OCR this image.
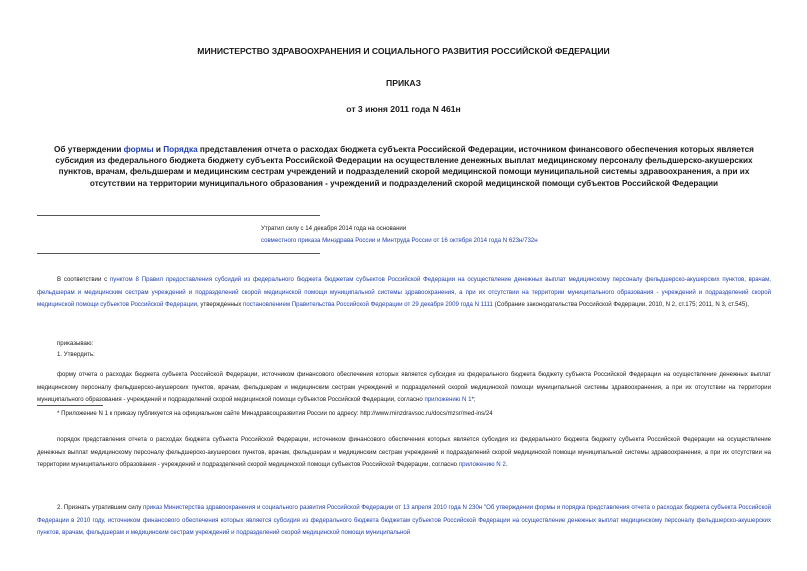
МИНИСТЕРСТВО ЗДРАВООХРАНЕНИЯ И СОЦИАЛЬНОГО РАЗВИТИЯ РОССИЙСКОЙ ФЕДЕРАЦИИ
ПРИКАЗ
от 3 июня 2011 года N 461н
Об утверждении формы и Порядка представления отчета о расходах бюджета субъекта Российской Федерации, источником финансового обеспечения которых является субсидия из федерального бюджета бюджету субъекта Российской Федерации на осуществление денежных выплат медицинскому персоналу фельдшерско-акушерских пунктов, врачам, фельдшерам и медицинским сестрам учреждений и подразделений скорой медицинской помощи муниципальной системы здравоохранения, а при их отсутствии на территории муниципального образования - учреждений и подразделений скорой медицинской помощи субъектов Российской Федерации
Утратил силу с 14 декабря 2014 года на основании
совместного приказа Минздрава России и Минтруда России от 16 октября 2014 года N 623н/732н
В соответствии с пунктом 8 Правил предоставления субсидий из федерального бюджета бюджетам субъектов Российской Федерации на осуществление денежных выплат медицинскому персоналу фельдшерско-акушерских пунктов, врачам, фельдшерам и медицинским сестрам учреждений и подразделений скорой медицинской помощи муниципальной системы здравоохранения, а при их отсутствии на территории муниципального образования - учреждений и подразделений скорой медицинской помощи субъектов Российской Федерации, утвержденных постановлением Правительства Российской Федерации от 29 декабря 2009 года N 1111 (Собрание законодательства Российской Федерации, 2010, N 2, ст.175; 2011, N 3, ст.545),
приказываю:
1. Утвердить:
форму отчета о расходах бюджета субъекта Российской Федерации, источником финансового обеспечения которых является субсидия из федерального бюджета бюджету субъекта Российской Федерации на осуществление денежных выплат медицинскому персоналу фельдшерско-акушерских пунктов, врачам, фельдшерам и медицинским сестрам учреждений и подразделений скорой медицинской помощи муниципальной системы здравоохранения, а при их отсутствии на территории муниципального образования - учреждений и подразделений скорой медицинской помощи субъектов Российской Федерации, согласно приложению N 1*;
* Приложение N 1 к приказу публикуется на официальном сайте Минздравсоцразвития России по адресу: http://www.minzdravsoc.ru/docs/mzsr/med-ins/24
порядок представления отчета о расходах бюджета субъекта Российской Федерации, источником финансового обеспечения которых является субсидия из федерального бюджета бюджету субъекта Российской Федерации на осуществление денежных выплат медицинскому персоналу фельдшерско-акушерских пунктов, врачам, фельдшерам и медицинским сестрам учреждений и подразделений скорой медицинской помощи муниципальной системы здравоохранения, а при их отсутствии на территории муниципального образования - учреждений и подразделений скорой медицинской помощи субъектов Российской Федерации, согласно приложению N 2.
2. Признать утратившим силу приказ Министерства здравоохранения и социального развития Российской Федерации от 13 апреля 2010 года N 230н "Об утверждении формы и порядка представления отчета о расходах бюджета субъекта Российской Федерации в 2010 году, источником финансового обеспечения которых является субсидия из федерального бюджета бюджетам субъектов Российской Федерации на осуществление денежных выплат медицинскому персоналу фельдшерско-акушерских пунктов, врачам, фельдшерам и медицинским сестрам учреждений и подразделений скорой медицинской помощи муниципальной
